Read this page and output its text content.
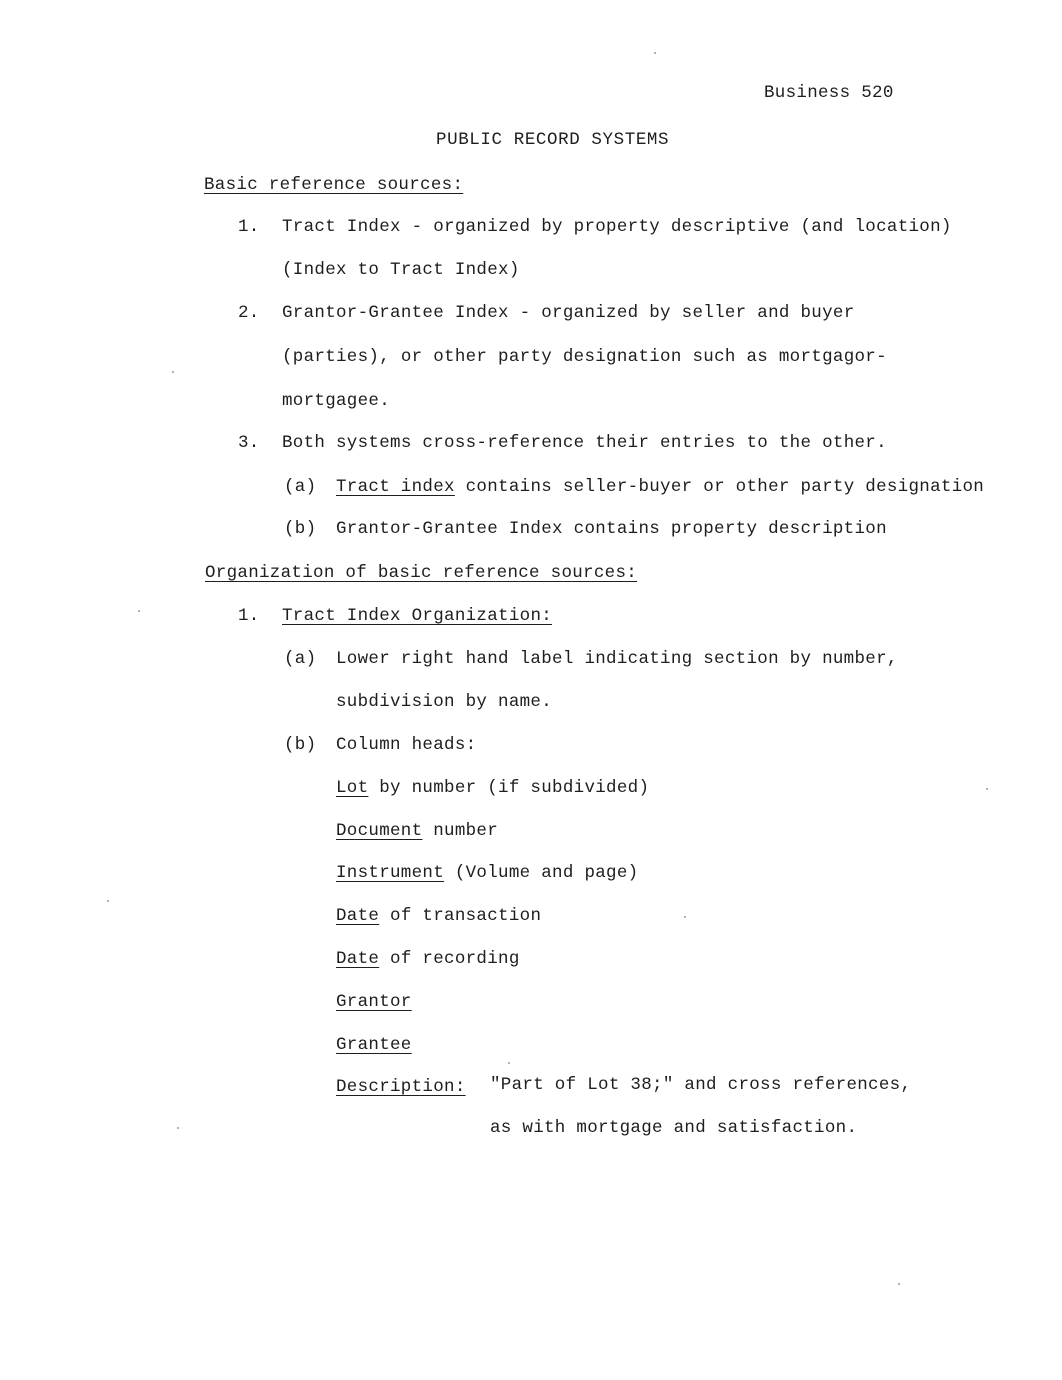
Business 520
PUBLIC RECORD SYSTEMS
Basic reference sources:
1. Tract Index - organized by property descriptive (and location)
(Index to Tract Index)
2. Grantor-Grantee Index - organized by seller and buyer
(parties), or other party designation such as mortgagor-
mortgagee.
3. Both systems cross-reference their entries to the other.
(a) Tract index contains seller-buyer or other party designation
(b) Grantor-Grantee Index contains property description
Organization of basic reference sources:
1. Tract Index Organization:
(a) Lower right hand label indicating section by number,
subdivision by name.
(b) Column heads:
Lot by number (if subdivided)
Document number
Instrument (Volume and page)
Date of transaction
Date of recording
Grantor
Grantee
Description: "Part of Lot 38;" and cross references,
as with mortgage and satisfaction.
